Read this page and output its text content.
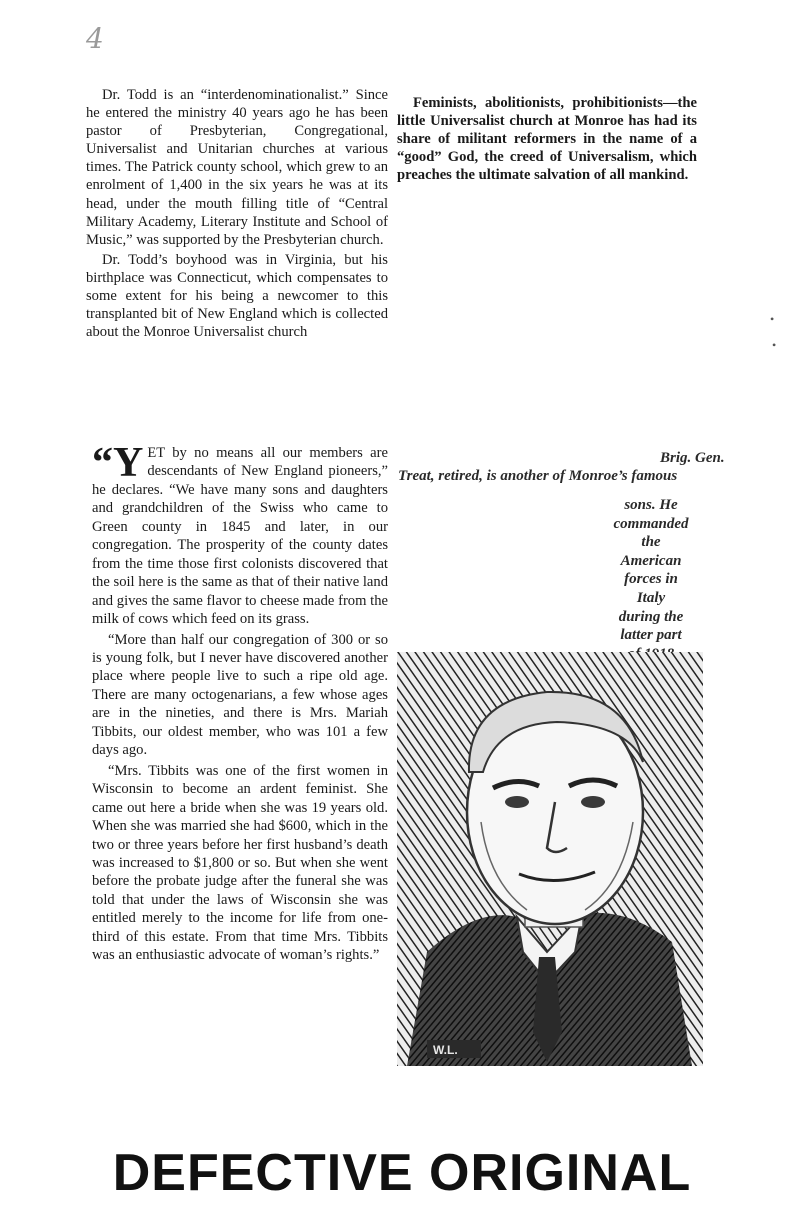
4

Dr. Todd is an “interdenominationalist.” Since he entered the ministry 40 years ago he has been pastor of Presbyterian, Congregational, Universalist and Unitarian churches at various times. The Patrick county school, which grew to an enrolment of 1,400 in the six years he was at its head, under the mouth filling title of “Central Military Academy, Literary Institute and School of Music,” was supported by the Presbyterian church.

Dr. Todd’s boyhood was in Virginia, but his birthplace was Connecticut, which compensates to some extent for his being a newcomer to this transplanted bit of New England which is collected about the Monroe Universalist church

Feminists, abolitionists, prohibitionists—the little Universalist church at Monroe has had its share of militant reformers in the name of a “good” God, the creed of Universalism, which preaches the ultimate salvation of all mankind.

“YET by no means all our members are descendants of New England pioneers,” he declares. “We have many sons and daughters and grandchildren of the Swiss who came to Green county in 1845 and later, in our congregation. The prosperity of the county dates from the time those first colonists discovered that the soil here is the same as that of their native land and gives the same flavor to cheese made from the milk of cows which feed on its grass.

“More than half our congregation of 300 or so is young folk, but I never have discovered another place where people live to such a ripe old age. There are many octogenarians, a few whose ages are in the nineties, and there is Mrs. Mariah Tibbits, our oldest member, who was 101 a few days ago.

“Mrs. Tibbits was one of the first women in Wisconsin to become an ardent feminist. She came out here a bride when she was 19 years old. When she was married she had $600, which in the two or three years before her first husband’s death was increased to $1,800 or so. But when she went before the probate judge after the funeral she was told that under the laws of Wisconsin she was entitled merely to the income for life from one-third of this estate. From that time Mrs. Tibbits was an enthusiastic advocate of woman’s rights.”

Brig. Gen.
Treat, retired, is another of Monroe’s famous
sons. He
commanded
the
American
forces in
Italy
during the
latter part
W.L.
•
•
DEFECTIVE ORIGINAL
